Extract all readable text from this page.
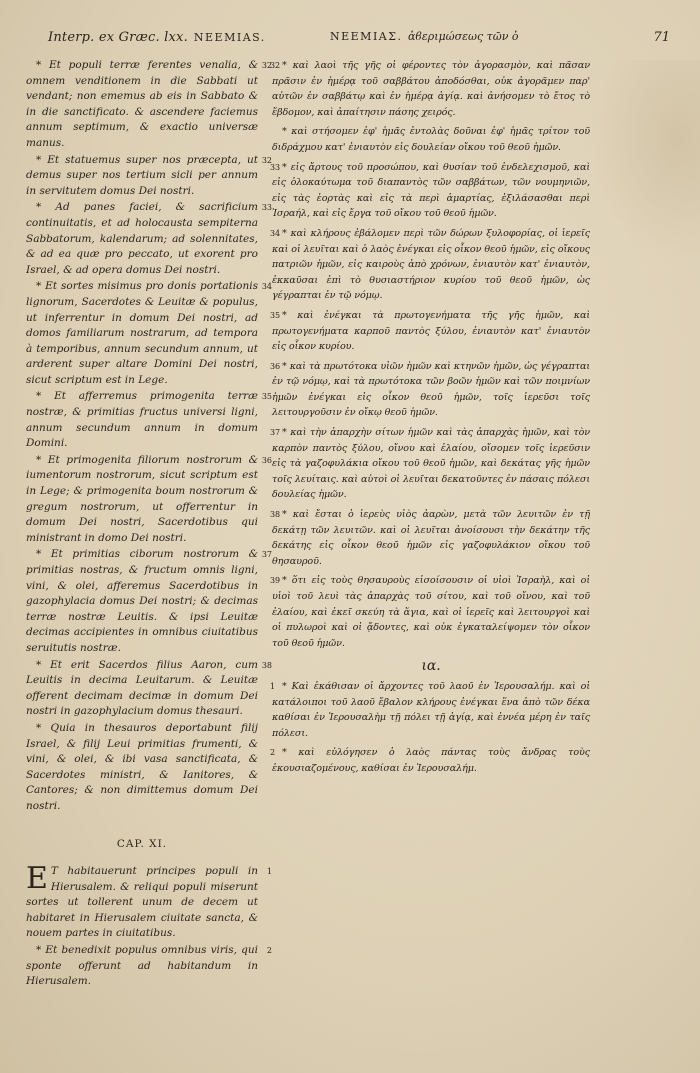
Interp. ex Græc. lxx. NEEMIAS.	ΝΕΕΜΙΑΣ. ἁϐεριμώσεως τῶν ὁ	71
32
* Et populi terræ ferentes venalia, & omnem venditionem in die Sabbati ut vendant; non ememus ab eis in Sabbato & in die sanctificato. & ascendere faciemus annum septimum, & exactio universæ manus.
32
* Et statuemus super nos præcepta, ut demus super nos tertium sicli per annum in servitutem domus Dei nostri.
33
* Ad panes faciei, & sacrificium continuitatis, et ad holocausta sempiterna Sabbatorum, kalendarum; ad solennitates, & ad ea quæ pro peccato, ut exorent pro Israel, & ad opera domus Dei nostri.
34
* Et sortes misimus pro donis portationis lignorum, Sacerdotes & Leuitæ & populus, ut inferrentur in domum Dei nostri, ad domos familiarum nostrarum, ad tempora à temporibus, annum secundum annum, ut arderent super altare Domini Dei nostri, sicut scriptum est in Lege.
35
* Et afferremus primogenita terræ nostræ, & primitias fructus universi ligni, annum secundum annum in domum Domini.
36
* Et primogenita filiorum nostrorum & iumentorum nostrorum, sicut scriptum est in Lege; & primogenita boum nostrorum & gregum nostrorum, ut offerrentur in domum Dei nostri, Sacerdotibus qui ministrant in domo Dei nostri.
37
* Et primitias ciborum nostrorum & primitias nostras, & fructum omnis ligni, vini, & olei, afferemus Sacerdotibus in gazophylacia domus Dei nostri; & decimas terræ nostræ Leuitis. & ipsi Leuitæ decimas accipientes in omnibus ciuitatibus seruitutis nostræ.
38
* Et erit Sacerdos filius Aaron, cum Leuitis in decima Leuitarum. & Leuitæ offerent decimam decimæ in domum Dei nostri in gazophylacium domus thesauri.
* Quia in thesauros deportabunt filij Israel, & filij Leui primitias frumenti, & vini, & olei, & ibi vasa sanctificata, & Sacerdotes ministri, & Ianitores, & Cantores; & non dimittemus domum Dei nostri.
CAP. XI.
1
E T habitauerunt principes populi in Hierusalem. & reliqui populi miserunt sortes ut tollerent unum de decem ut habitaret in Hierusalem ciuitate sancta, & nouem partes in ciuitatibus.
2
* Et benedixit populus omnibus viris, qui sponte offerunt ad habitandum in Hierusalem.
32 * καὶ λαοὶ τῆς γῆς οἱ φέροντες τὸν ἀγορασμὸν, καὶ πᾶσαν πρᾶσιν ἐν ἡμέρᾳ τοῦ σαββάτου ἀποδόσθαι, οὐκ ἀγορᾶμεν παρ' αὐτῶν ἐν σαββάτῳ καὶ ἐν ἡμέρᾳ ἁγίᾳ. καὶ ἀνήσομεν τὸ ἔτος τὸ ἕβδομον, καὶ ἀπαίτησιν πάσης χειρός.
* καὶ στήσομεν ἐφ' ἡμᾶς ἐντολὰς δοῦναι ἐφ' ἡμᾶς τρίτον τοῦ διδράχμου κατ' ἐνιαυτὸν εἰς δουλείαν οἴκου τοῦ θεοῦ ἡμῶν.
33 * εἰς ἄρτους τοῦ προσώπου, καὶ θυσίαν τοῦ ἐνδελεχισμοῦ, καὶ εἰς ὁλοκαύτωμα τοῦ διαπαντὸς τῶν σαββάτων, τῶν νουμηνιῶν, εἰς τὰς ἑορτὰς καὶ εἰς τὰ περὶ ἁμαρτίας, ἐξιλάσασθαι περὶ Ἰσραήλ, καὶ εἰς ἔργα τοῦ οἴκου τοῦ θεοῦ ἡμῶν.
34 * καὶ κλήρους ἐβάλομεν περὶ τῶν δώρων ξυλοφορίας, οἱ ἱερεῖς καὶ οἱ λευῖται καὶ ὁ λαὸς ἐνέγκαι εἰς οἶκον θεοῦ ἡμῶν, εἰς οἴκους πατριῶν ἡμῶν, εἰς καιροὺς ἀπὸ χρόνων, ἐνιαυτὸν κατ' ἐνιαυτὸν, ἐκκαῦσαι ἐπὶ τὸ θυσιαστήριον κυρίου τοῦ θεοῦ ἡμῶν, ὡς γέγραπται ἐν τῷ νόμῳ.
35 * καὶ ἐνέγκαι τὰ πρωτογενήματα τῆς γῆς ἡμῶν, καὶ πρωτογενήματα καρποῦ παντὸς ξύλου, ἐνιαυτὸν κατ' ἐνιαυτὸν εἰς οἶκον κυρίου.
36 * καὶ τὰ πρωτότοκα υἱῶν ἡμῶν καὶ κτηνῶν ἡμῶν, ὡς γέγραπται ἐν τῷ νόμῳ, καὶ τὰ πρωτότοκα τῶν βοῶν ἡμῶν καὶ τῶν ποιμνίων ἡμῶν ἐνέγκαι εἰς οἶκον θεοῦ ἡμῶν, τοῖς ἱερεῦσι τοῖς λειτουργοῦσιν ἐν οἴκῳ θεοῦ ἡμῶν.
37 * καὶ τὴν ἀπαρχὴν σίτων ἡμῶν καὶ τὰς ἀπαρχὰς ἡμῶν, καὶ τὸν καρπὸν παντὸς ξύλου, οἴνου καὶ ἐλαίου, οἴσομεν τοῖς ἱερεῦσιν εἰς τὰ γαζοφυλάκια οἴκου τοῦ θεοῦ ἡμῶν, καὶ δεκάτας γῆς ἡμῶν τοῖς λευίταις. καὶ αὐτοὶ οἱ λευῖται δεκατοῦντες ἐν πάσαις πόλεσι δουλείας ἡμῶν.
38 * καὶ ἔσται ὁ ἱερεὺς υἱὸς ἀαρὼν, μετὰ τῶν λευιτῶν ἐν τῇ δεκάτῃ τῶν λευιτῶν. καὶ οἱ λευῖται ἀνοίσουσι τὴν δεκάτην τῆς δεκάτης εἰς οἶκον θεοῦ ἡμῶν εἰς γαζοφυλάκιον οἴκου τοῦ θησαυροῦ.
39 * ὅτι εἰς τοὺς θησαυροὺς εἰσοίσουσιν οἱ υἱοὶ Ἰσραὴλ, καὶ οἱ υἱοὶ τοῦ λευὶ τὰς ἀπαρχὰς τοῦ σίτου, καὶ τοῦ οἴνου, καὶ τοῦ ἐλαίου, καὶ ἐκεῖ σκεύη τὰ ἅγια, καὶ οἱ ἱερεῖς καὶ λειτουργοὶ καὶ οἱ πυλωροὶ καὶ οἱ ᾄδοντες, καὶ οὐκ ἐγκαταλείψομεν τὸν οἶκον τοῦ θεοῦ ἡμῶν.
ια.
1 * Καὶ ἐκάθισαν οἱ ἄρχοντες τοῦ λαοῦ ἐν Ἱερουσαλήμ. καὶ οἱ κατάλοιποι τοῦ λαοῦ ἔβαλον κλήρους ἐνέγκαι ἕνα ἀπὸ τῶν δέκα καθίσαι ἐν Ἱερουσαλὴμ τῇ πόλει τῇ ἁγίᾳ, καὶ ἐννέα μέρη ἐν ταῖς πόλεσι.
2 * καὶ εὐλόγησεν ὁ λαὸς πάντας τοὺς ἄνδρας τοὺς ἑκουσιαζομένους, καθίσαι ἐν Ἱερουσαλήμ.
